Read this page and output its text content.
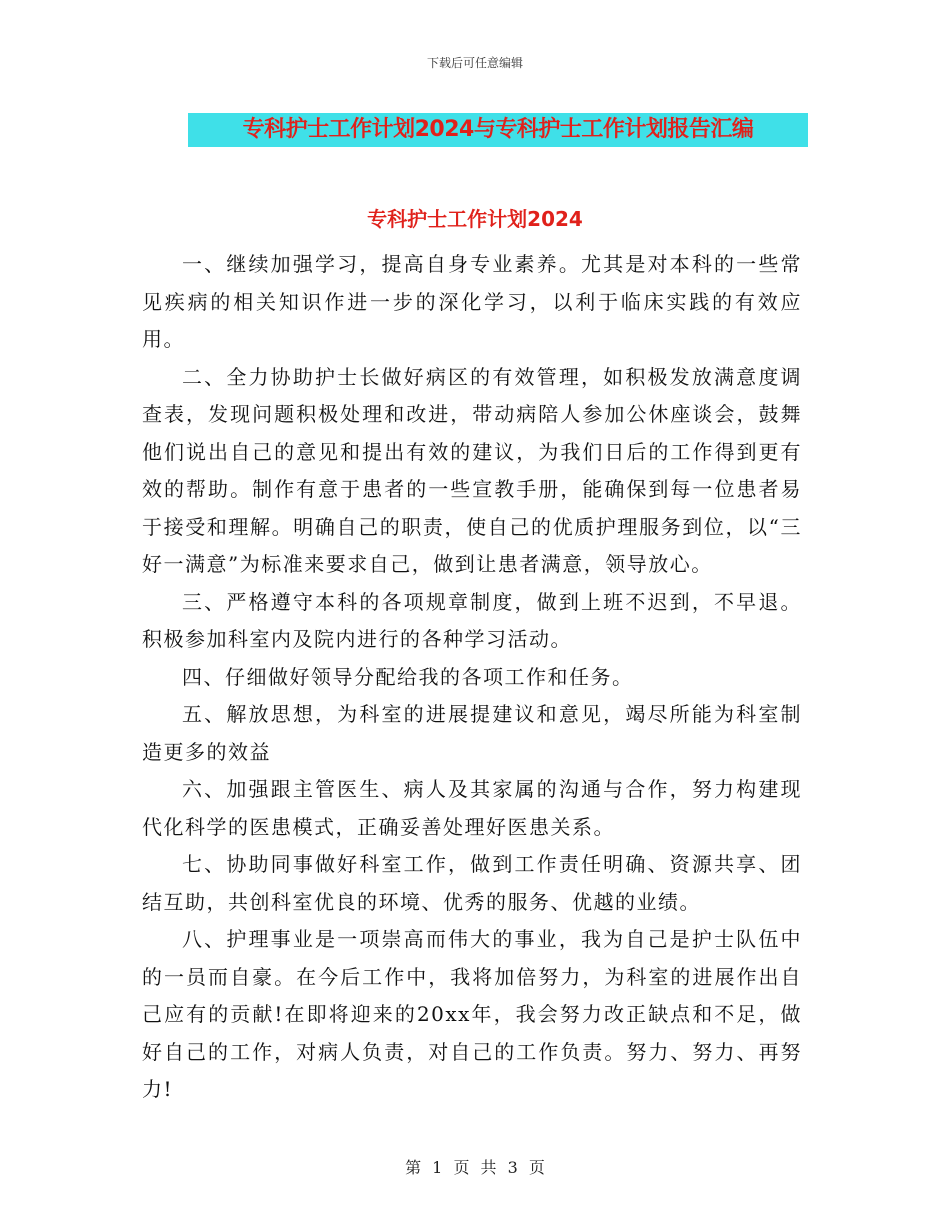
下载后可任意编辑
专科护士工作计划2024与专科护士工作计划报告汇编
专科护士工作计划2024

一、继续加强学习，提高自身专业素养。尤其是对本科的一些常见疾病的相关知识作进一步的深化学习，以利于临床实践的有效应用。

二、全力协助护士长做好病区的有效管理，如积极发放满意度调查表，发现问题积极处理和改进，带动病陪人参加公休座谈会，鼓舞他们说出自己的意见和提出有效的建议，为我们日后的工作得到更有效的帮助。制作有意于患者的一些宣教手册，能确保到每一位患者易于接受和理解。明确自己的职责，使自己的优质护理服务到位，以“三好一满意”为标准来要求自己，做到让患者满意，领导放心。

三、严格遵守本科的各项规章制度，做到上班不迟到，不早退。积极参加科室内及院内进行的各种学习活动。

四、仔细做好领导分配给我的各项工作和任务。

五、解放思想，为科室的进展提建议和意见，竭尽所能为科室制造更多的效益

六、加强跟主管医生、病人及其家属的沟通与合作，努力构建现代化科学的医患模式，正确妥善处理好医患关系。

七、协助同事做好科室工作，做到工作责任明确、资源共享、团结互助，共创科室优良的环境、优秀的服务、优越的业绩。

八、护理事业是一项崇高而伟大的事业，我为自己是护士队伍中的一员而自豪。在今后工作中，我将加倍努力，为科室的进展作出自己应有的贡献!在即将迎来的20xx年，我会努力改正缺点和不足，做好自己的工作，对病人负责，对自己的工作负责。努力、努力、再努力!

第 1 页 共 3 页
